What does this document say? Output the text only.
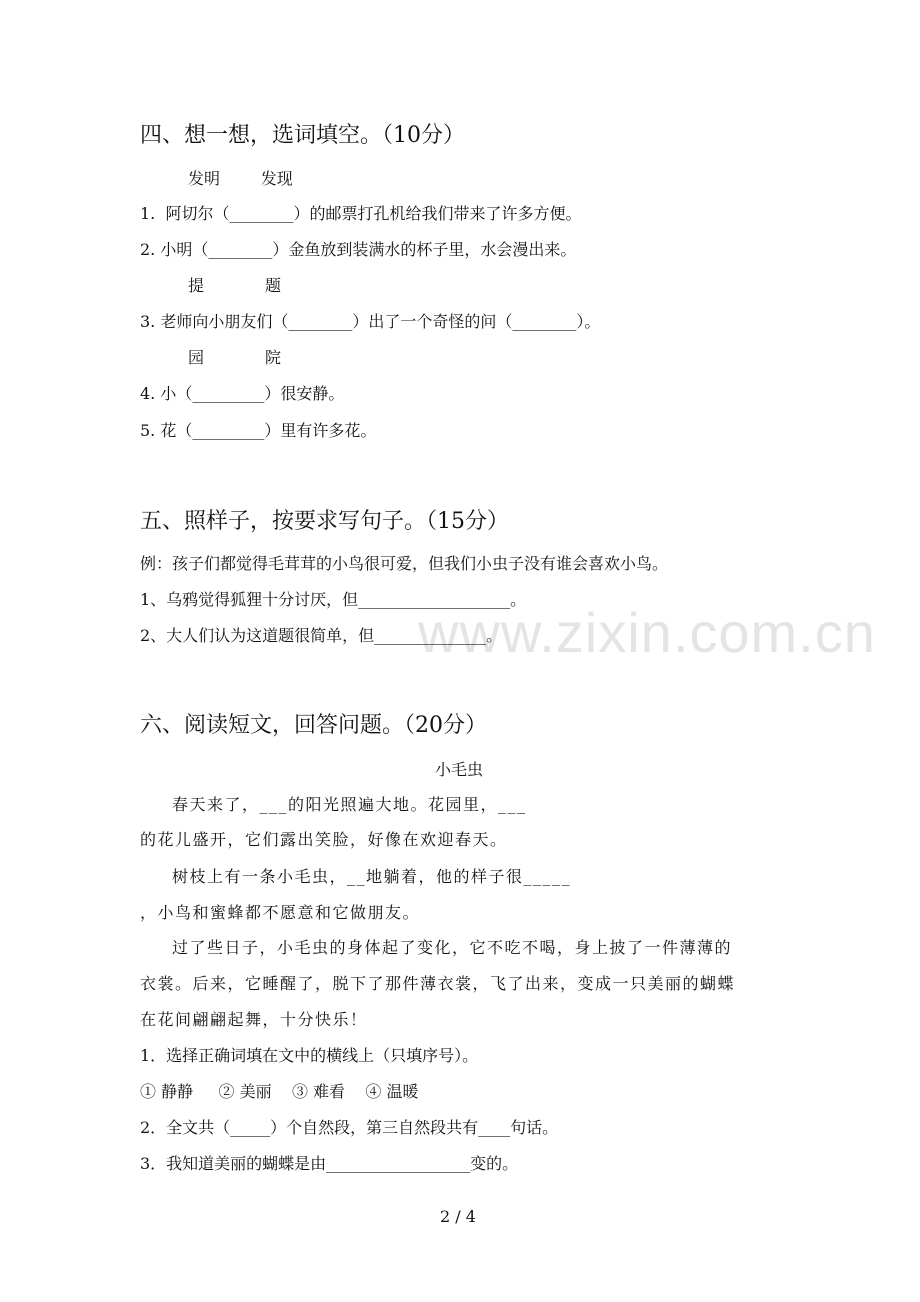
www.zixin.com.cn
四、想一想，选词填空。（10分）
发明        发现
1.  阿切尔（________）的邮票打孔机给我们带来了许多方便。
2. 小明（________）金鱼放到装满水的杯子里，水会漫出来。
提            题
3. 老师向小朋友们（________）出了一个奇怪的问（________）。
园            院
4. 小（_________）很安静。
5. 花（_________）里有许多花。
五、照样子，按要求写句子。（15分）
例：孩子们都觉得毛茸茸的小鸟很可爱，但我们小虫子没有谁会喜欢小鸟。
1、乌鸦觉得狐狸十分讨厌，但___________________。
2、大人们认为这道题很简单，但______________。
六、阅读短文，回答问题。（20分）
小毛虫
春天来了，___的阳光照遍大地。花园里，___
的花儿盛开，它们露出笑脸，好像在欢迎春天。
树枝上有一条小毛虫，__地躺着，他的样子很_____
，小鸟和蜜蜂都不愿意和它做朋友。
过了些日子，小毛虫的身体起了变化，它不吃不喝，身上披了一件薄薄的
衣裳。后来，它睡醒了，脱下了那件薄衣裳，飞了出来，变成一只美丽的蝴蝶
在花间翩翩起舞，十分快乐！
1．选择正确词填在文中的横线上（只填序号）。
① 静静     ② 美丽    ③ 难看    ④ 温暖
2．全文共（_____）个自然段，第三自然段共有____句话。
3．我知道美丽的蝴蝶是由__________________变的。
2 / 4
